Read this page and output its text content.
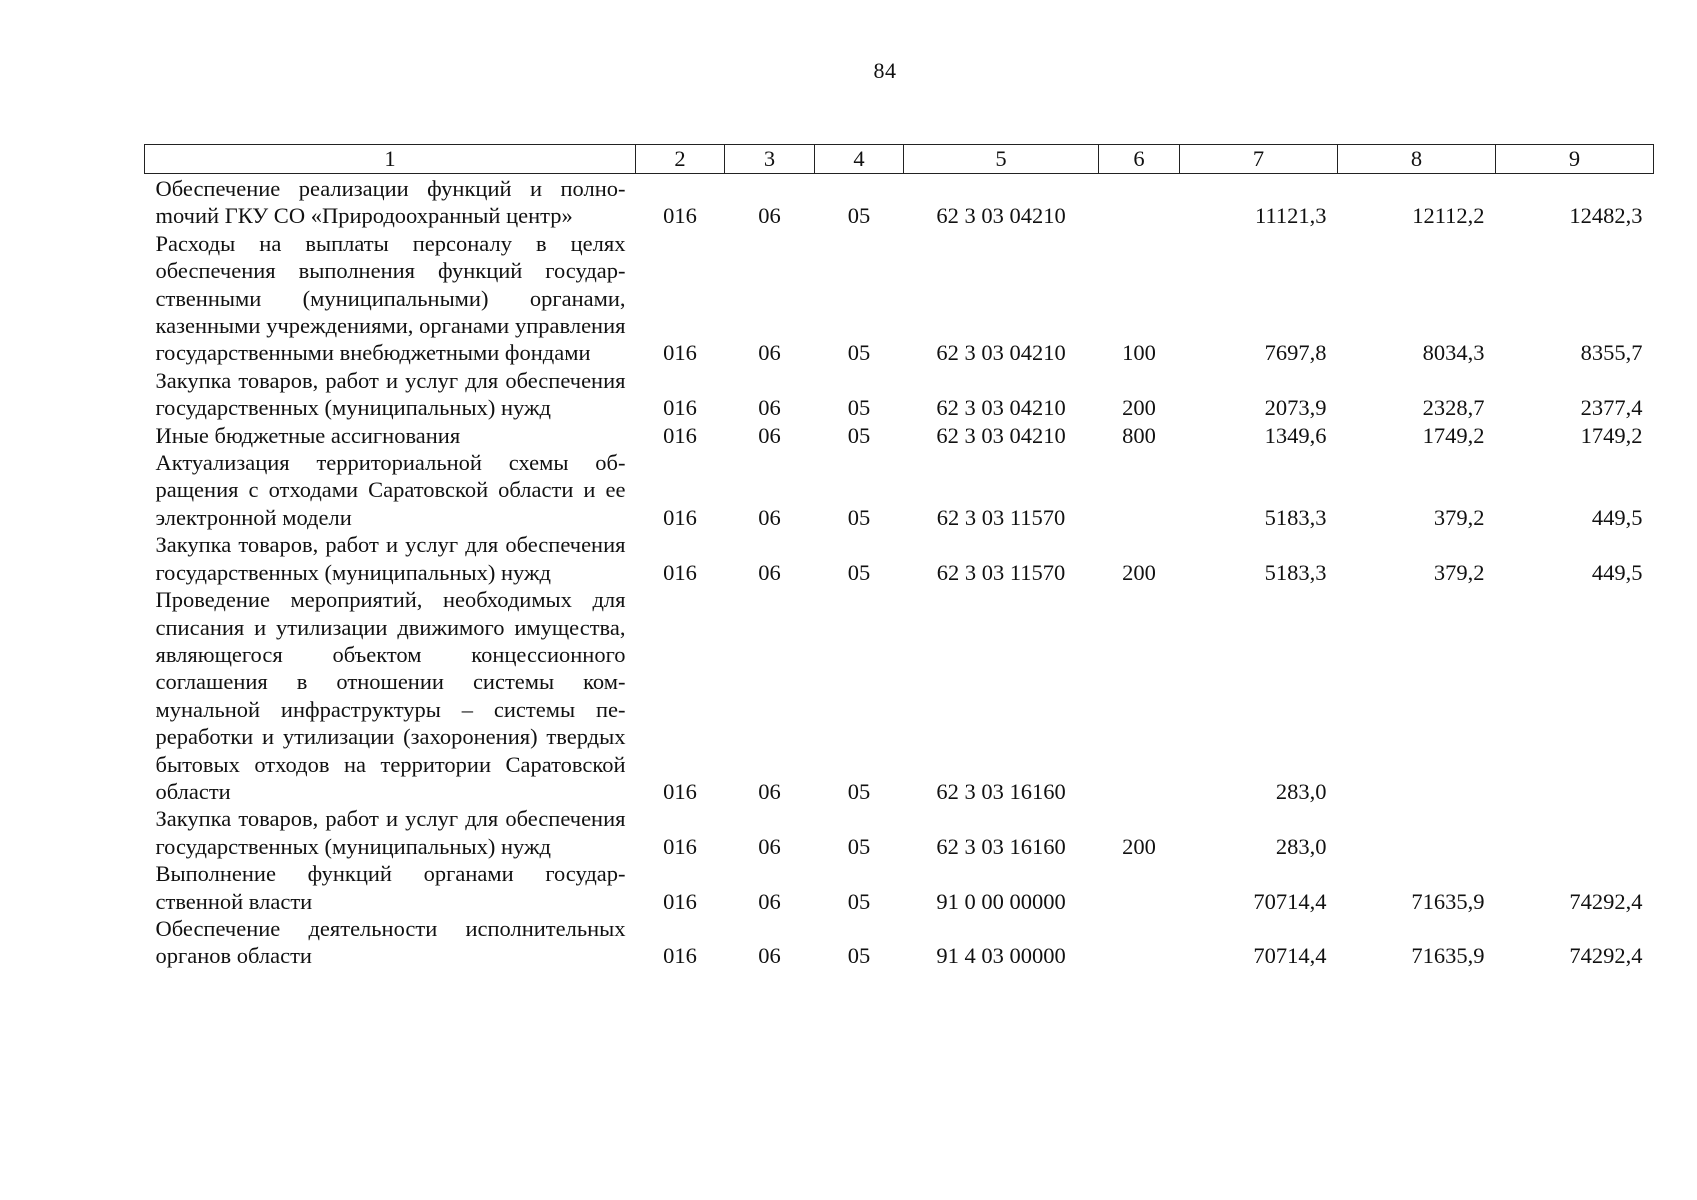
84
1	2	3	4	5	6	7	8	9
Обеспечение реализации функций и полноmочий ГКУ СО «Природоохранный центр»	016	06	05	62 3 03 04210		11121,3	12112,2	12482,3
Расходы на выплаты персоналу в целях обеспечения выполнения функций государственными (муниципальными) органами, казенными учреждениями, органами управления государственными внебюджетными фондами	016	06	05	62 3 03 04210	100	7697,8	8034,3	8355,7
Закупка товаров, работ и услуг для обеспечения государственных (муниципальных) нужд	016	06	05	62 3 03 04210	200	2073,9	2328,7	2377,4
Иные бюджетные ассигнования	016	06	05	62 3 03 04210	800	1349,6	1749,2	1749,2
Актуализация территориальной схемы обращения с отходами Саратовской области и ее электронной модели	016	06	05	62 3 03 11570		5183,3	379,2	449,5
Закупка товаров, работ и услуг для обеспечения государственных (муниципальных) нужд	016	06	05	62 3 03 11570	200	5183,3	379,2	449,5
Проведение мероприятий, необходимых для списания и утилизации движимого имущества, являющегося объектом концессионного соглашения в отношении системы коммунальной инфраструктуры – системы переработки и утилизации (захоронения) твердых бытовых отходов на территории Саратовской области	016	06	05	62 3 03 16160		283,0		
Закупка товаров, работ и услуг для обеспечения государственных (муниципальных) нужд	016	06	05	62 3 03 16160	200	283,0		
Выполнение функций органами государственной власти	016	06	05	91 0 00 00000		70714,4	71635,9	74292,4
Обеспечение деятельности исполнительных органов области	016	06	05	91 4 03 00000		70714,4	71635,9	74292,4
